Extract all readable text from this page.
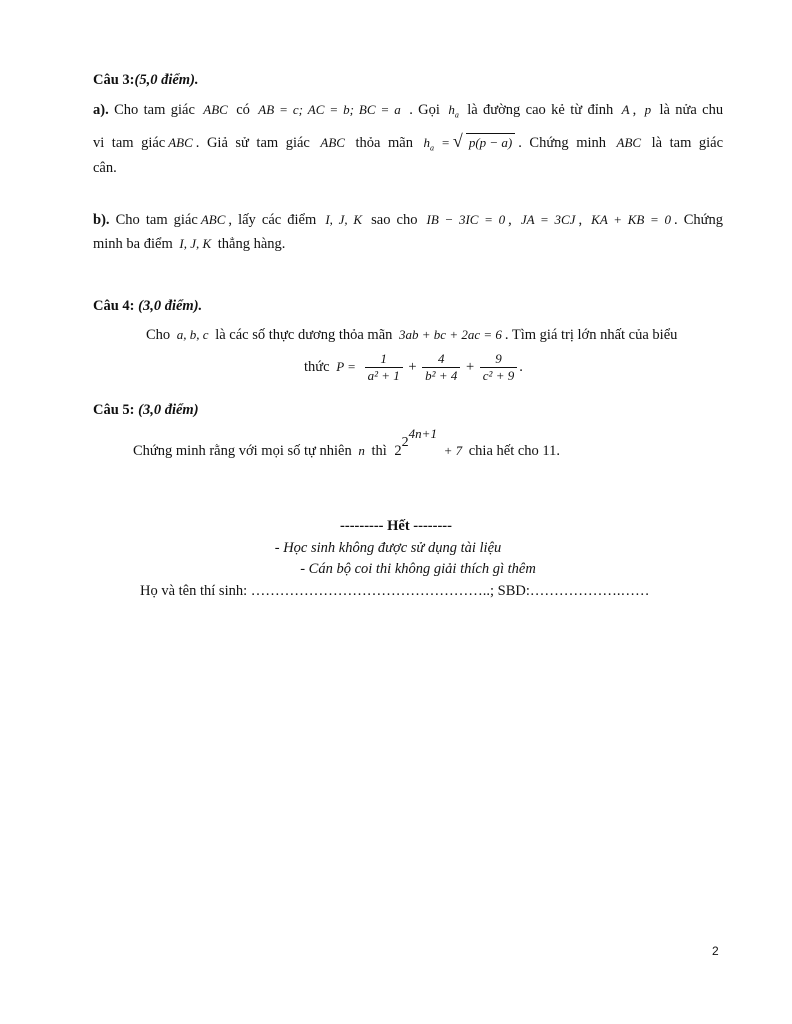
Câu 3:(5,0 điểm).
a). Cho tam giác ABC có AB = c; AC = b; BC = a . Gọi $h_a$ là đường cao kẻ từ đỉnh A , p là nửa chu
vi tam giác ABC . Giả sử tam giác ABC thỏa mãn $h_a$ = √ p(p − a) . Chứng minh ABC là tam giác
cân.
b). Cho tam giác ABC , lấy các điểm I, J, K sao cho IB − 3IC = 0 , JA = 3CJ , KA + KB = 0 . Chứng
minh ba điểm I, J, K thẳng hàng.
Câu 4: (3,0 điểm).
Cho a, b, c là các số thực dương thỏa mãn 3ab + bc + 2ac = 6 . Tìm giá trị lớn nhất của biểu
thức $P = \frac{1}{\text{a² + 1}} + \frac{4}{\text{b² + 4}} + \frac{9}{\text{c² + 9}}$ .
Câu 5: (3,0 điểm)
Chứng minh rằng với mọi số tự nhiên n thì 224n+1 + 7 chia hết cho 11.
--------- Hết --------
- Học sinh không được sử dụng tài liệu
- Cán bộ coi thi không giải thích gì thêm
Họ và tên thí sinh: …………………………………………..; SBD:……………….……
2
